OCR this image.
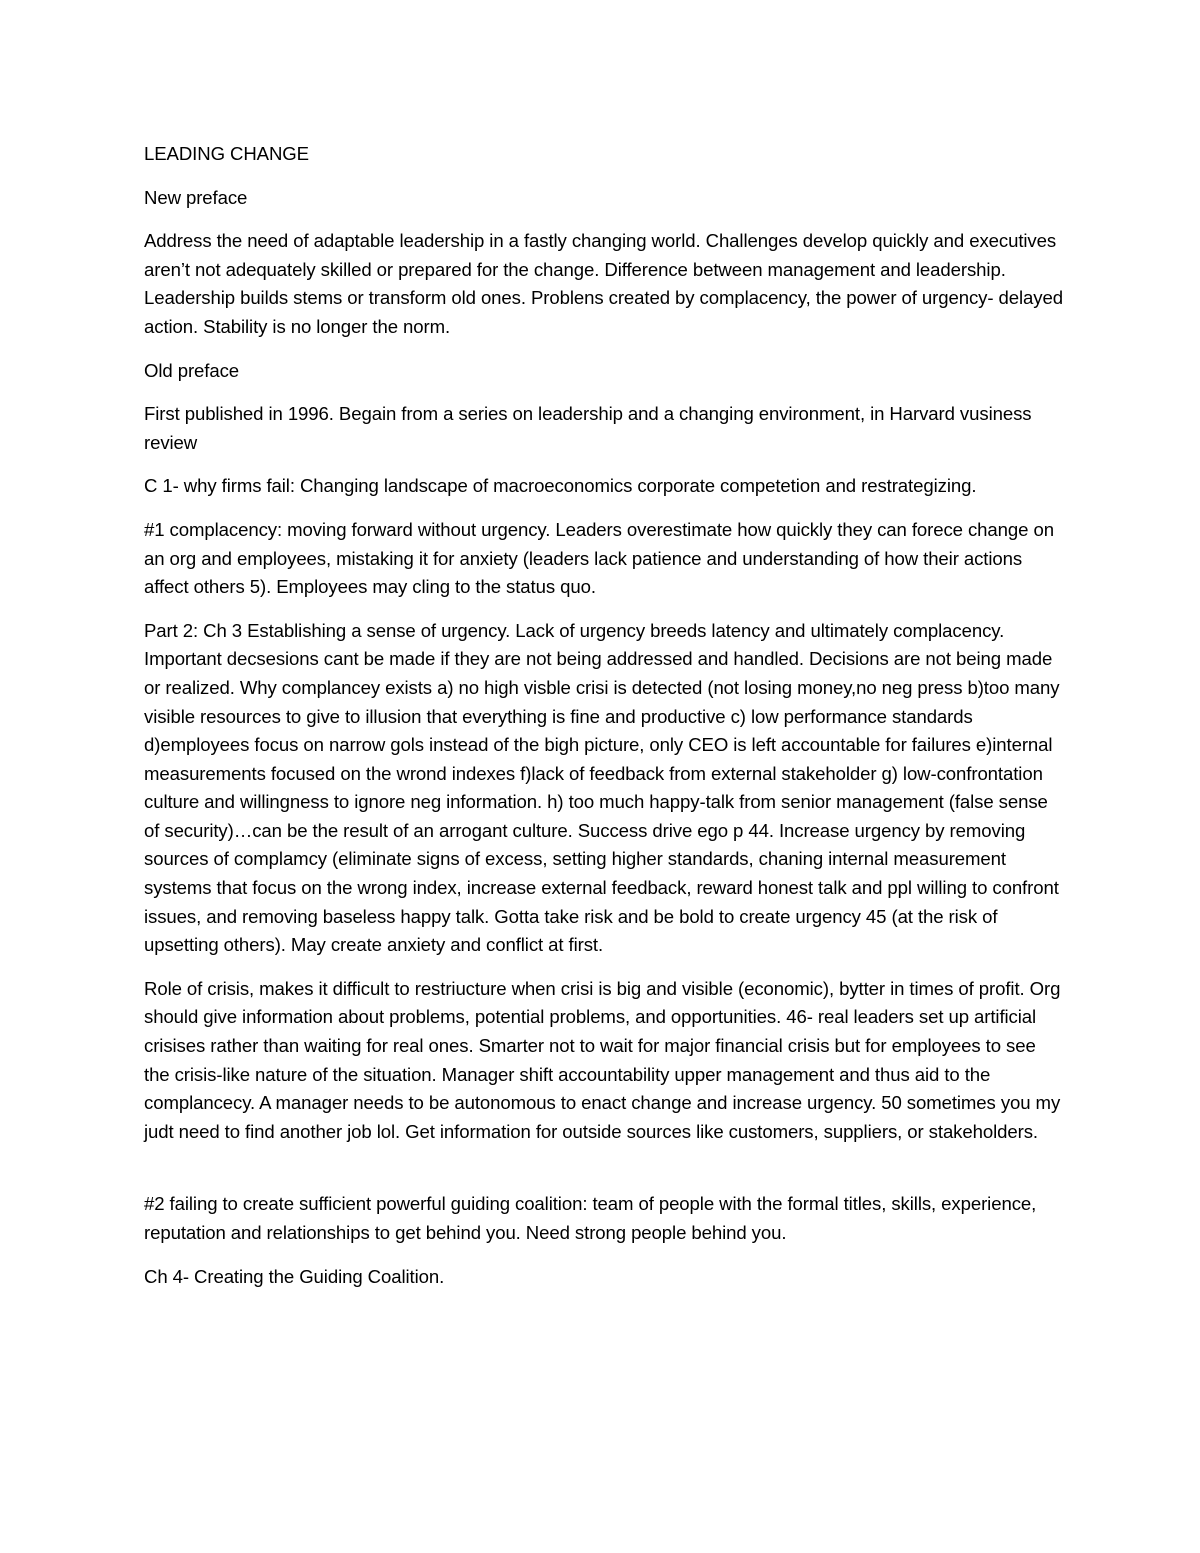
LEADING CHANGE

New preface

Address the need of adaptable leadership in a fastly changing world. Challenges develop quickly and executives aren’t not adequately skilled or prepared for the change. Difference between management and leadership. Leadership builds stems or transform old ones. Problens created by complacency, the power of urgency- delayed action. Stability is no longer the norm.

Old preface

First published in 1996. Begain from a series on leadership and a changing environment, in Harvard vusiness review

C 1- why firms fail: Changing landscape of macroeconomics corporate competetion and restrategizing.

#1 complacency: moving forward without urgency. Leaders overestimate how quickly they can forece change on an org and employees, mistaking it for anxiety (leaders lack patience and understanding of how their actions affect others 5). Employees may cling to the status quo.

Part 2: Ch 3 Establishing a sense of urgency. Lack of urgency breeds latency and ultimately complacency. Important decsesions cant be made if they are not being addressed and handled. Decisions are not being made or realized. Why complancey exists a) no high visble crisi is detected (not losing money,no neg press b)too many visible resources to give to illusion that everything is fine and productive c) low performance standards d)employees focus on narrow gols instead of the bigh picture, only CEO is left accountable for failures e)internal measurements focused on the wrond indexes f)lack of feedback from external stakeholder g) low-confrontation culture and willingness to ignore neg information. h) too much happy-talk from senior management (false sense of security)…can be the result of an arrogant culture. Success drive ego p 44. Increase urgency by removing sources of complamcy (eliminate signs of excess, setting higher standards, chaning internal measurement systems that focus on the wrong index, increase external feedback, reward honest talk and ppl willing to confront issues, and removing baseless happy talk. Gotta take risk and be bold to create urgency 45 (at the risk of upsetting others). May create anxiety and conflict at first.

Role of crisis, makes it difficult to restriucture when crisi is big and visible (economic), bytter in times of profit. Org should give information about problems, potential problems, and opportunities. 46- real leaders set up artificial crisises rather than waiting for real ones. Smarter not to wait for major financial crisis but for employees to see the crisis-like nature of the situation. Manager shift accountability upper management and thus aid to the complancecy. A manager needs to be autonomous to enact change and increase urgency. 50 sometimes you my judt need to find another job lol. Get information for outside sources like customers, suppliers, or stakeholders.

#2 failing to create sufficient powerful guiding coalition: team of people with the formal titles, skills, experience, reputation and relationships to get behind you. Need strong people behind you.

Ch 4- Creating the Guiding Coalition.
